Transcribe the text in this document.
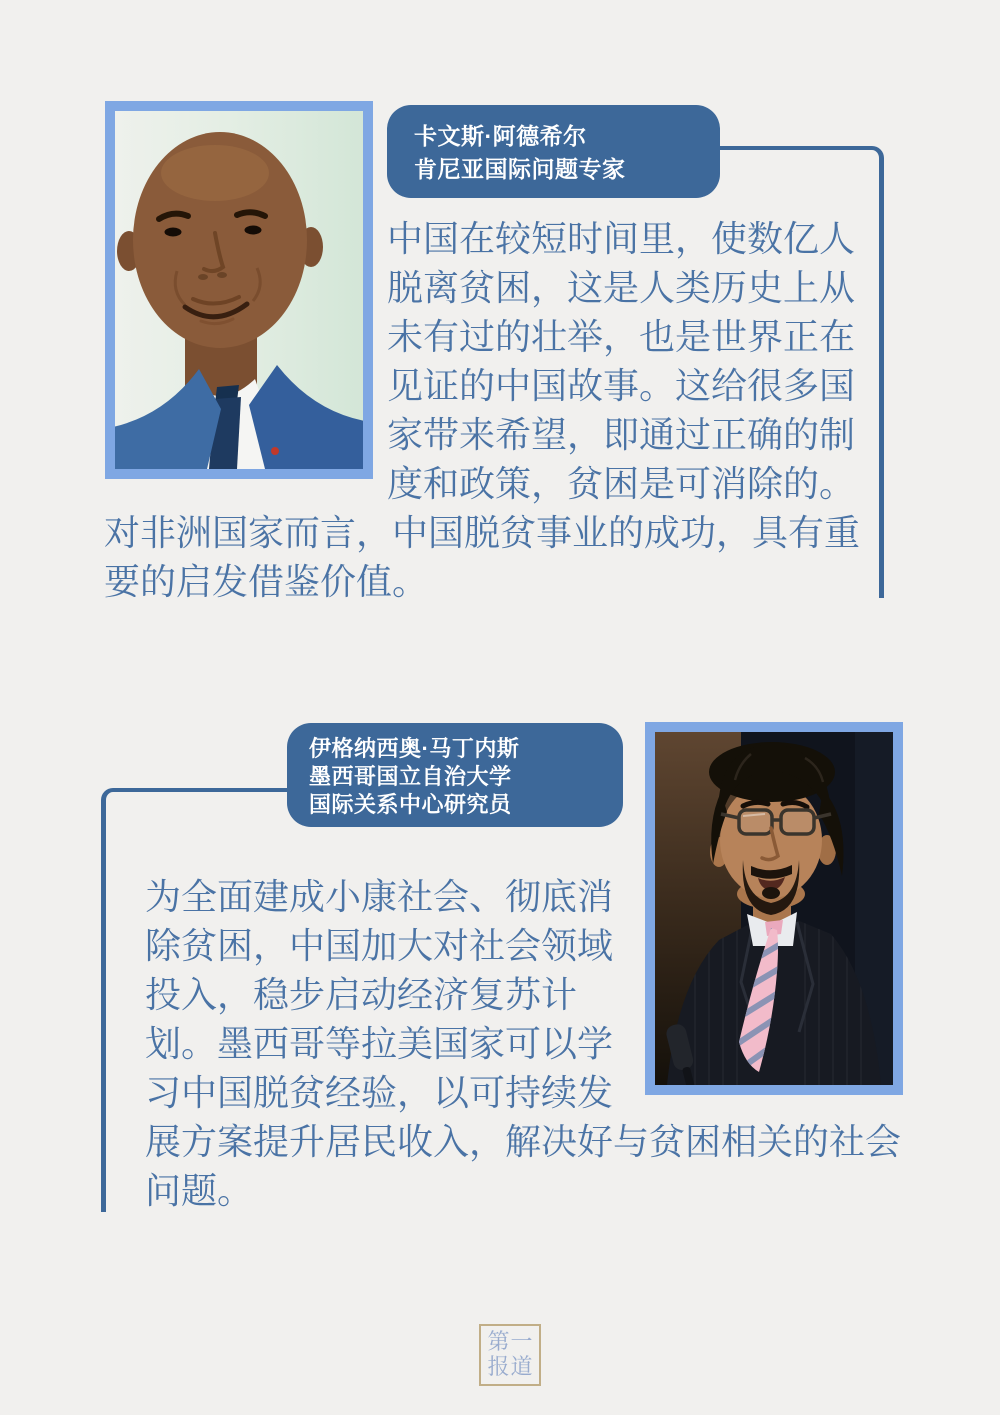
卡文斯·阿德希尔
肯尼亚国际问题专家

中国在较短时间里，使数亿人脱离贫困，这是人类历史上从未有过的壮举，也是世界正在见证的中国故事。这给很多国家带来希望，即通过正确的制度和政策，贫困是可消除的。对非洲国家而言，中国脱贫事业的成功，具有重要的启发借鉴价值。

伊格纳西奥·马丁内斯
墨西哥国立自治大学
国际关系中心研究员

为全面建成小康社会、彻底消除贫困，中国加大对社会领域投入，稳步启动经济复苏计划。墨西哥等拉美国家可以学习中国脱贫经验，以可持续发展方案提升居民收入，解决好与贫困相关的社会问题。

第 一
报 道
